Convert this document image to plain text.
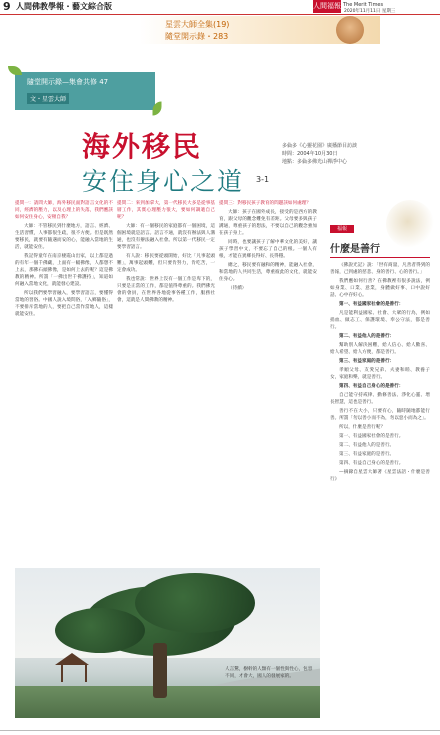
9 人間佛教學報・藝文綜合版	人間福報 The Merit Times
2020年11月11日 星期三
星雲大師全集(19)
隨堂開示錄・283
隨堂開示錄—集會共修 47
文・星雲大師
海外移民
安住身心之道 3-1
多倫多《心靈花園》廣播節目訪談
時間：2004年10月30日
地點：多倫多佛光山禪淨中心

提問一：請問大師，海外移民面對語言文化的不同，經濟的壓力，以及心理上的失落，我們應該如何安住身心，安頓自我？

大師：不管移民到什麼地方，語言、經濟、生活習慣，人事都很生疏，很不方便。但是既然要移民，就要有隨遇而安的心，能融入當地的生活，就能安住。

我記得童年在南京棲霞山出家，以上都是過的有年一個千佛藏，上面有一幅佛像，人都想不上去，那佛石頭佛像，是如何上去的呢？這是佛教的精神。所謂「一佛出世千佛護持」，知道如何融入當地文化，就能發心建設。

所以我們要學習融入，要學習語言，要懂得當地的習俗。中國人說入境問俗，「入鄉隨俗」，不要排斥當地的人，要把自己當作當地人，這樣就能安住。

提問二：來到加拿大，第一代移民大多是從事基層工作，其實心理壓力很大，要如何調適自己呢？

大師：有一個移民的家庭都有一個困境，這個困境就是語言。語言不通，就沒有辦法與人溝通，也沒有辦法融入社會。所以第一代移民一定要學習語言。

有人說：移民要從頭開始，好比「凡事起頭難」，萬事起頭難，但只要肯努力，肯吃苦，一定會成功。

我也常說：世界上沒有一個工作是卑下的，只要是正當的工作，都是值得尊重的。我們佛光會的會員，在世界各地從事各種工作，服務社會，這就是人間佛教的精神。

提問三：對移民孩子教育的問題該如何處理？

大師：孩子在國外成長，接受的是西方的教育，跟父母的觀念難免有差距。父母要多與孩子溝通，尊重孩子的想法，不要以自己的觀念強加在孩子身上。

同時，也要讓孩子了解中華文化的美好，讓孩子學習中文，不要忘了自己的根。一個人有根，才能在異鄉長得好、長得穩。

總之，移民要有融和的精神，能融入社會，和當地的人共同生活，尊重彼此的文化，就能安住身心。

（待續）

福報
什麼是善行

《佛說光記》說：「世有商量，凡善者得到的善報，己到處的慈悲、身的善行、心的善行。」

我們應如何行善？在佛教裡有很多說法，例如身業、口業、意業，身體做好事、口中說好話、心中存好心。

第一、有益國家社會的是善行：

凡是能利益國家、社會、大眾的行為，例如捐血、做志工、保護環境、奉公守法，都是善行。

第二、有益他人的是善行：

幫助別人解決困難，給人信心、給人歡喜、給人希望、給人方便，都是善行。

第三、有益家庭的是善行：

孝順父母、友愛兄弟、夫妻和睦、教養子女，家庭和樂，就是善行。

第四、有益自己身心的是善行：

自己能守持戒律、勤修善法、淨化心靈、增長智慧，這也是善行。

善行不在大小，只要有心，隨時隨地都能行善。所謂「勿以善小而不為，勿以惡小而為之」。

所以，什麼是善行呢？

第一、有益國家社會的是善行。

第二、有益他人的是善行。

第三、有益家庭的是善行。

第四、有益自己身心的是善行。

—摘錄自星雲大師著《星雲法語・什麼是善行》

人言驚，樹幹的人類有一個性與性心，包容不同，才會大，國人的發展家的。
